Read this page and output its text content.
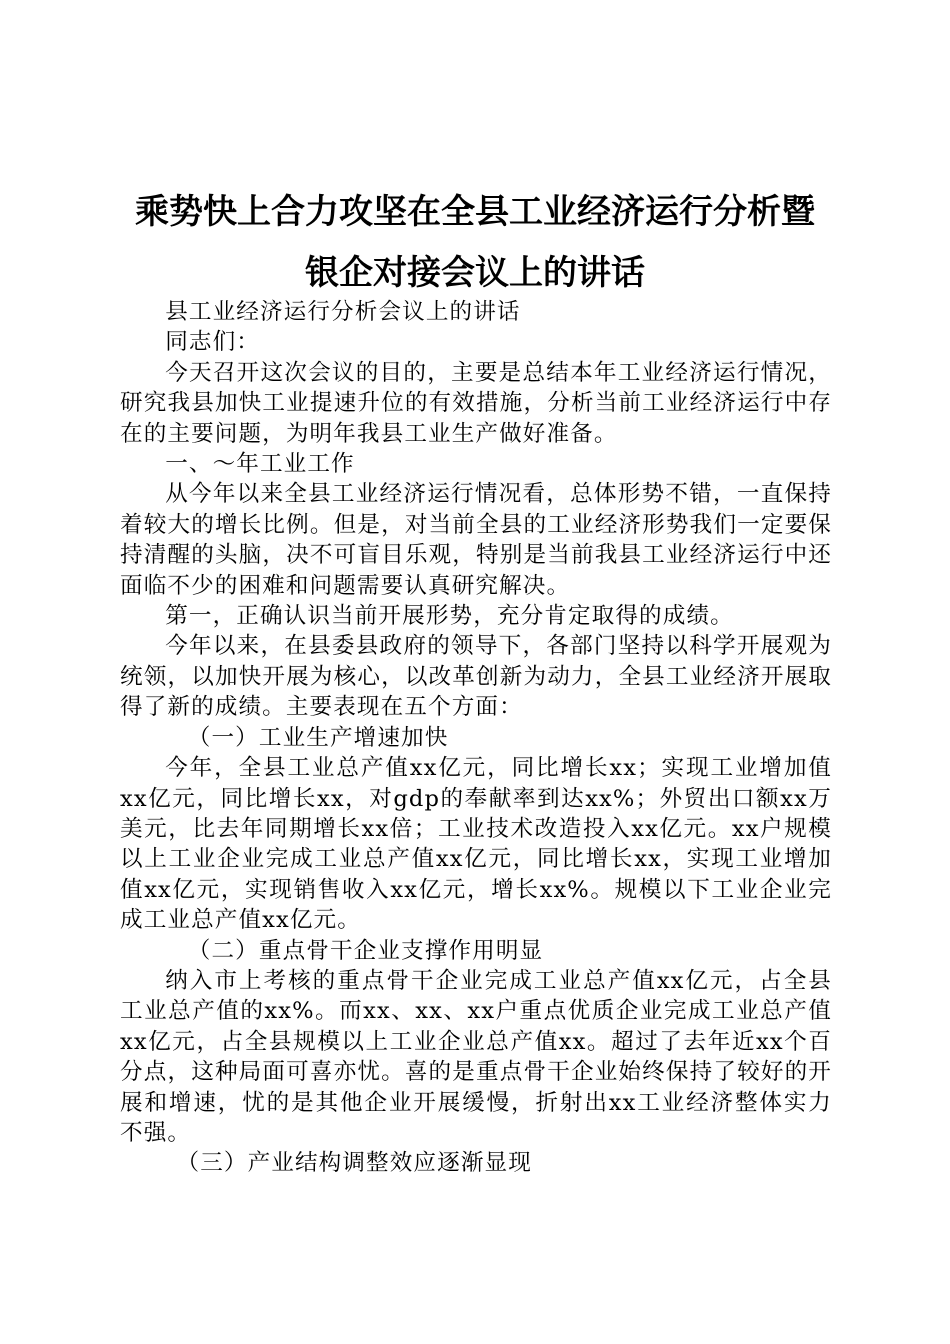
乘势快上合力攻坚在全县工业经济运行分析暨
银企对接会议上的讲话

县工业经济运行分析会议上的讲话

同志们：

今天召开这次会议的目的，主要是总结本年工业经济运行情况，研究我县加快工业提速升位的有效措施，分析当前工业经济运行中存在的主要问题，为明年我县工业生产做好准备。

一、～年工业工作

从今年以来全县工业经济运行情况看，总体形势不错，一直保持着较大的增长比例。但是，对当前全县的工业经济形势我们一定要保持清醒的头脑，决不可盲目乐观，特别是当前我县工业经济运行中还面临不少的困难和问题需要认真研究解决。

第一，正确认识当前开展形势，充分肯定取得的成绩。

今年以来，在县委县政府的领导下，各部门坚持以科学开展观为统领，以加快开展为核心，以改革创新为动力，全县工业经济开展取得了新的成绩。主要表现在五个方面：

（一）工业生产增速加快

今年，全县工业总产值xx亿元，同比增长xx；实现工业增加值xx亿元，同比增长xx，对gdp的奉献率到达xx%；外贸出口额xx万美元，比去年同期增长xx倍；工业技术改造投入xx亿元。xx户规模以上工业企业完成工业总产值xx亿元，同比增长xx，实现工业增加值xx亿元，实现销售收入xx亿元，增长xx%。规模以下工业企业完成工业总产值xx亿元。

（二）重点骨干企业支撑作用明显

纳入市上考核的重点骨干企业完成工业总产值xx亿元，占全县工业总产值的xx%。而xx、xx、xx户重点优质企业完成工业总产值xx亿元，占全县规模以上工业企业总产值xx。超过了去年近xx个百分点，这种局面可喜亦忧。喜的是重点骨干企业始终保持了较好的开展和增速，忧的是其他企业开展缓慢，折射出xx工业经济整体实力不强。

（三）产业结构调整效应逐渐显现
